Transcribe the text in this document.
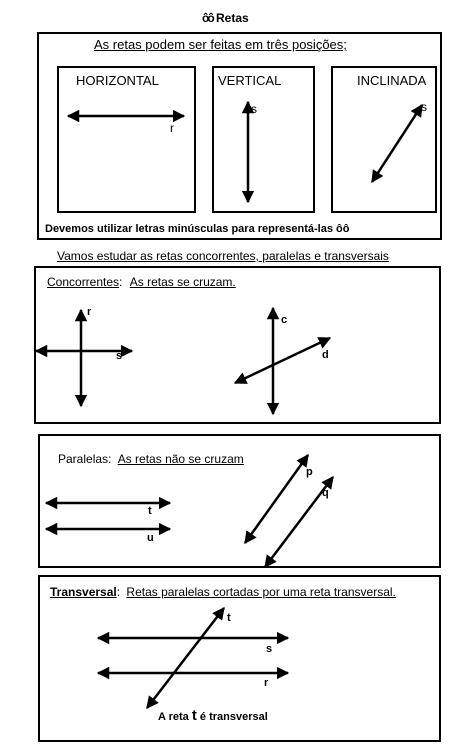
ôô Retas
As retas podem ser feitas em três posições;
HORIZONTAL
r
VERTICAL
s
INCLINADA
s
Devemos utilizar letras minúsculas para representá-las ôô
Vamos estudar as retas concorrentes, paralelas e transversais
Concorrentes: As retas se cruzam.
r
s
c
d
Paralelas: As retas não se cruzam
t
u
p
q
Transversal: Retas paralelas cortadas por uma reta transversal.
t
s
r
A reta t é transversal
